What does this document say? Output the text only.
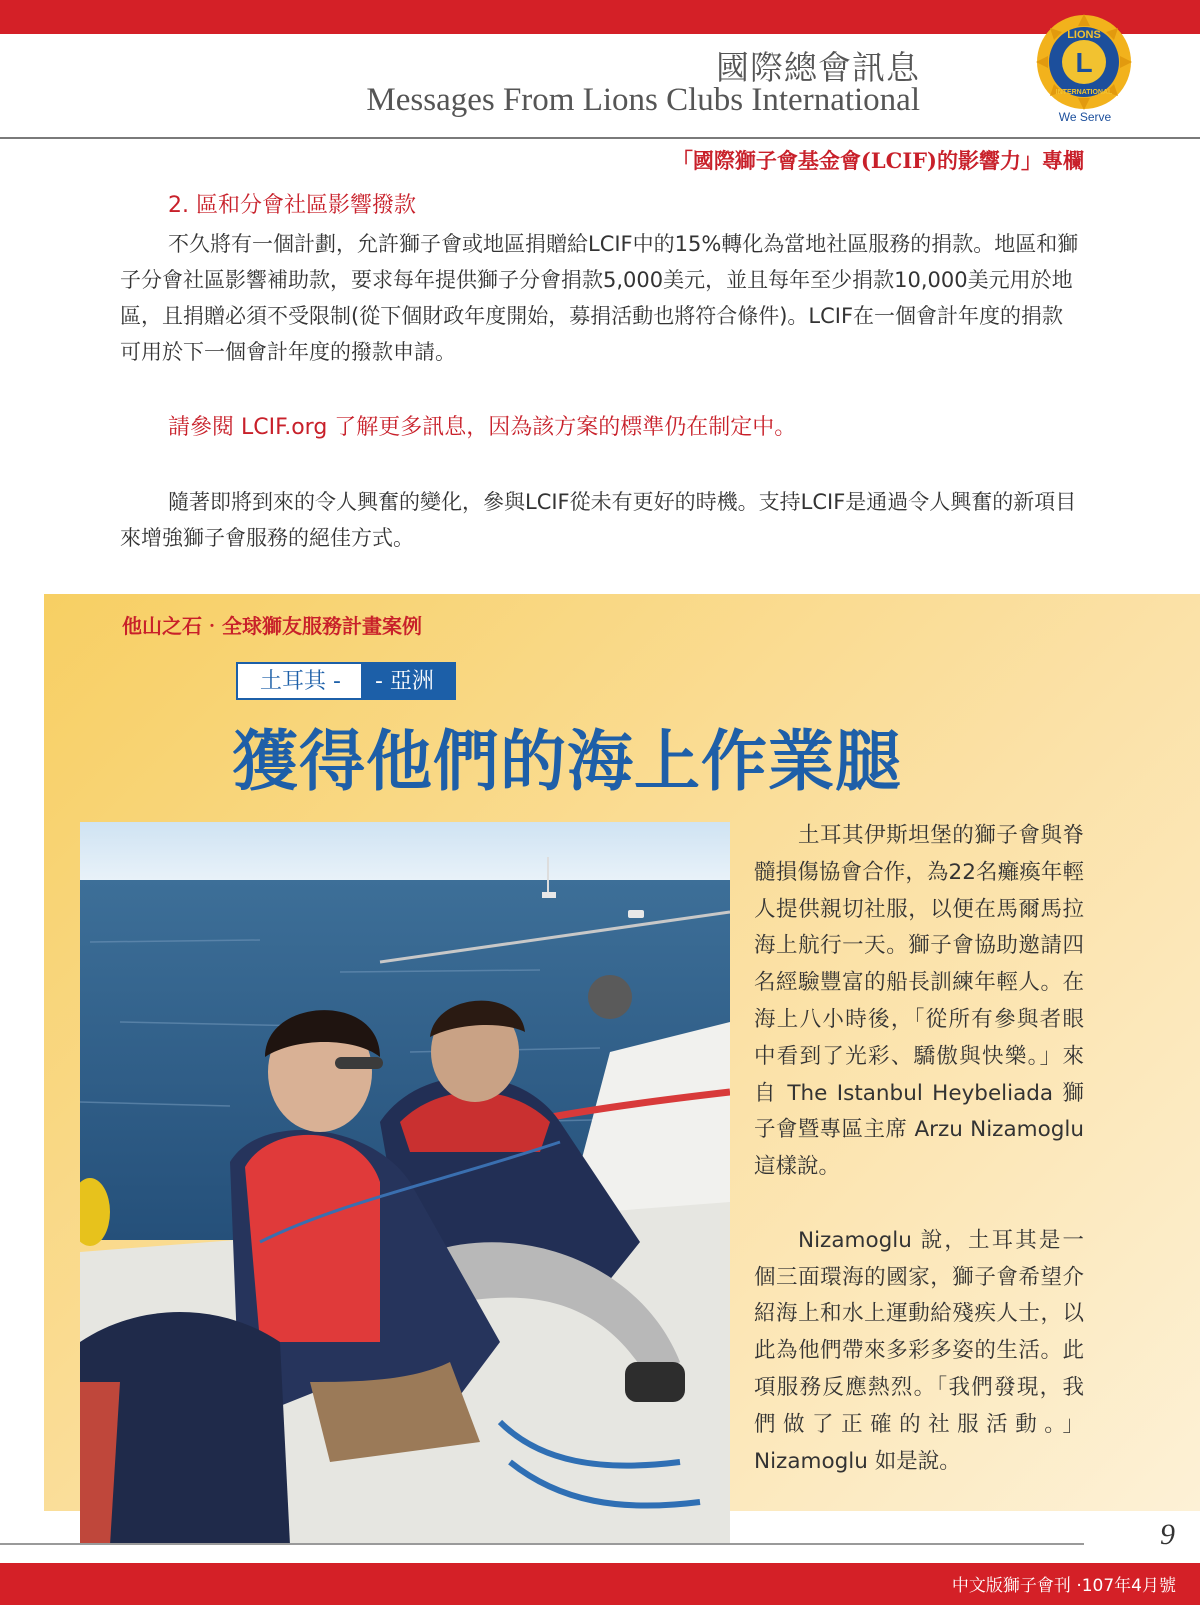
國際總會訊息
Messages From Lions Clubs International
L
LIONS
INTERNATIONAL
We Serve
「國際獅子會基金會(LCIF)的影響力」專欄
2. 區和分會社區影響撥款

不久將有一個計劃，允許獅子會或地區捐贈給LCIF中的15%轉化為當地社區服務的捐款。地區和獅子分會社區影響補助款，要求每年提供獅子分會捐款5,000美元，並且每年至少捐款10,000美元用於地區，且捐贈必須不受限制(從下個財政年度開始，募捐活動也將符合條件)。LCIF在一個會計年度的捐款可用於下一個會計年度的撥款申請。

請參閱 LCIF.org 了解更多訊息，因為該方案的標準仍在制定中。

隨著即將到來的令人興奮的變化，參與LCIF從未有更好的時機。支持LCIF是通過令人興奮的新項目來增強獅子會服務的絕佳方式。

他山之石‧全球獅友服務計畫案例
土耳其 -	- 亞洲
獲得他們的海上作業腿

土耳其伊斯坦堡的獅子會與脊髓損傷協會合作，為22名癱瘓年輕人提供親切社服，以便在馬爾馬拉海上航行一天。獅子會協助邀請四名經驗豐富的船長訓練年輕人。在海上八小時後，「從所有參與者眼中看到了光彩、驕傲與快樂。」來自 The Istanbul Heybeliada 獅子會暨專區主席 Arzu Nizamoglu 這樣說。

Nizamoglu 說，土耳其是一個三面環海的國家，獅子會希望介紹海上和水上運動給殘疾人士，以此為他們帶來多彩多姿的生活。此項服務反應熱烈。「我們發現，我們做了正確的社服活動。」Nizamoglu 如是說。

9
中文版獅子會刊 ‧107年4月號
